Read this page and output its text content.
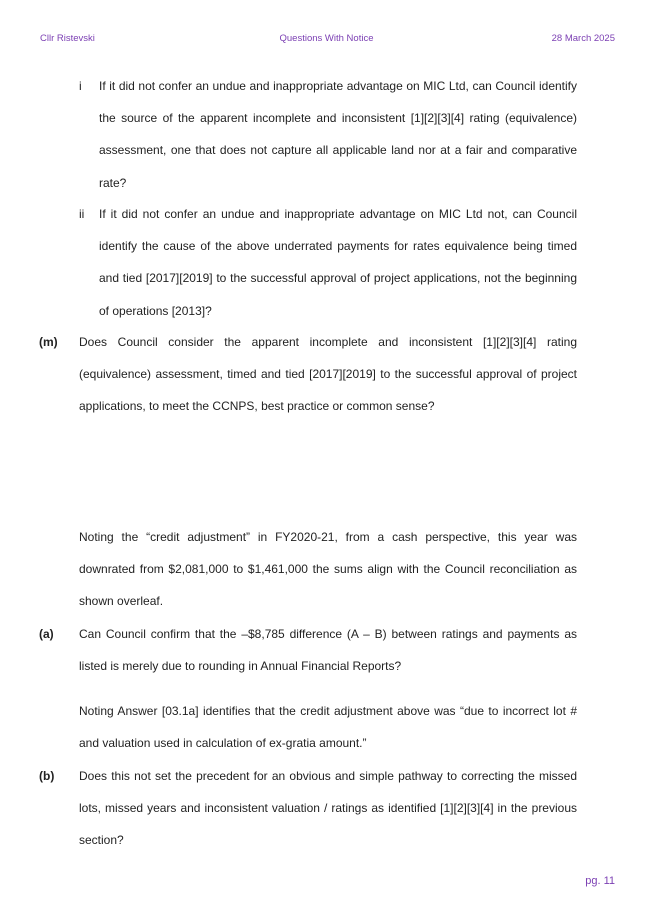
Cllr Ristevski	Questions With Notice	28 March 2025

i If it did not confer an undue and inappropriate advantage on MIC Ltd, can Council identify the source of the apparent incomplete and inconsistent [1][2][3][4] rating (equivalence) assessment, one that does not capture all applicable land nor at a fair and comparative rate?

ii If it did not confer an undue and inappropriate advantage on MIC Ltd not, can Council identify the cause of the above underrated payments for rates equivalence being timed and tied [2017][2019] to the successful approval of project applications, not the beginning of operations [2013]?

(m) Does Council consider the apparent incomplete and inconsistent [1][2][3][4] rating (equivalence) assessment, timed and tied [2017][2019] to the successful approval of project applications, to meet the CCNPS, best practice or common sense?

Noting the “credit adjustment” in FY2020-21, from a cash perspective, this year was downrated from $2,081,000 to $1,461,000 the sums align with the Council reconciliation as shown overleaf.

(a) Can Council confirm that the –$8,785 difference (A – B) between ratings and payments as listed is merely due to rounding in Annual Financial Reports?

Noting Answer [03.1a] identifies that the credit adjustment above was “due to incorrect lot # and valuation used in calculation of ex-gratia amount.”

(b) Does this not set the precedent for an obvious and simple pathway to correcting the missed lots, missed years and inconsistent valuation / ratings as identified [1][2][3][4] in the previous section?

pg. 11
